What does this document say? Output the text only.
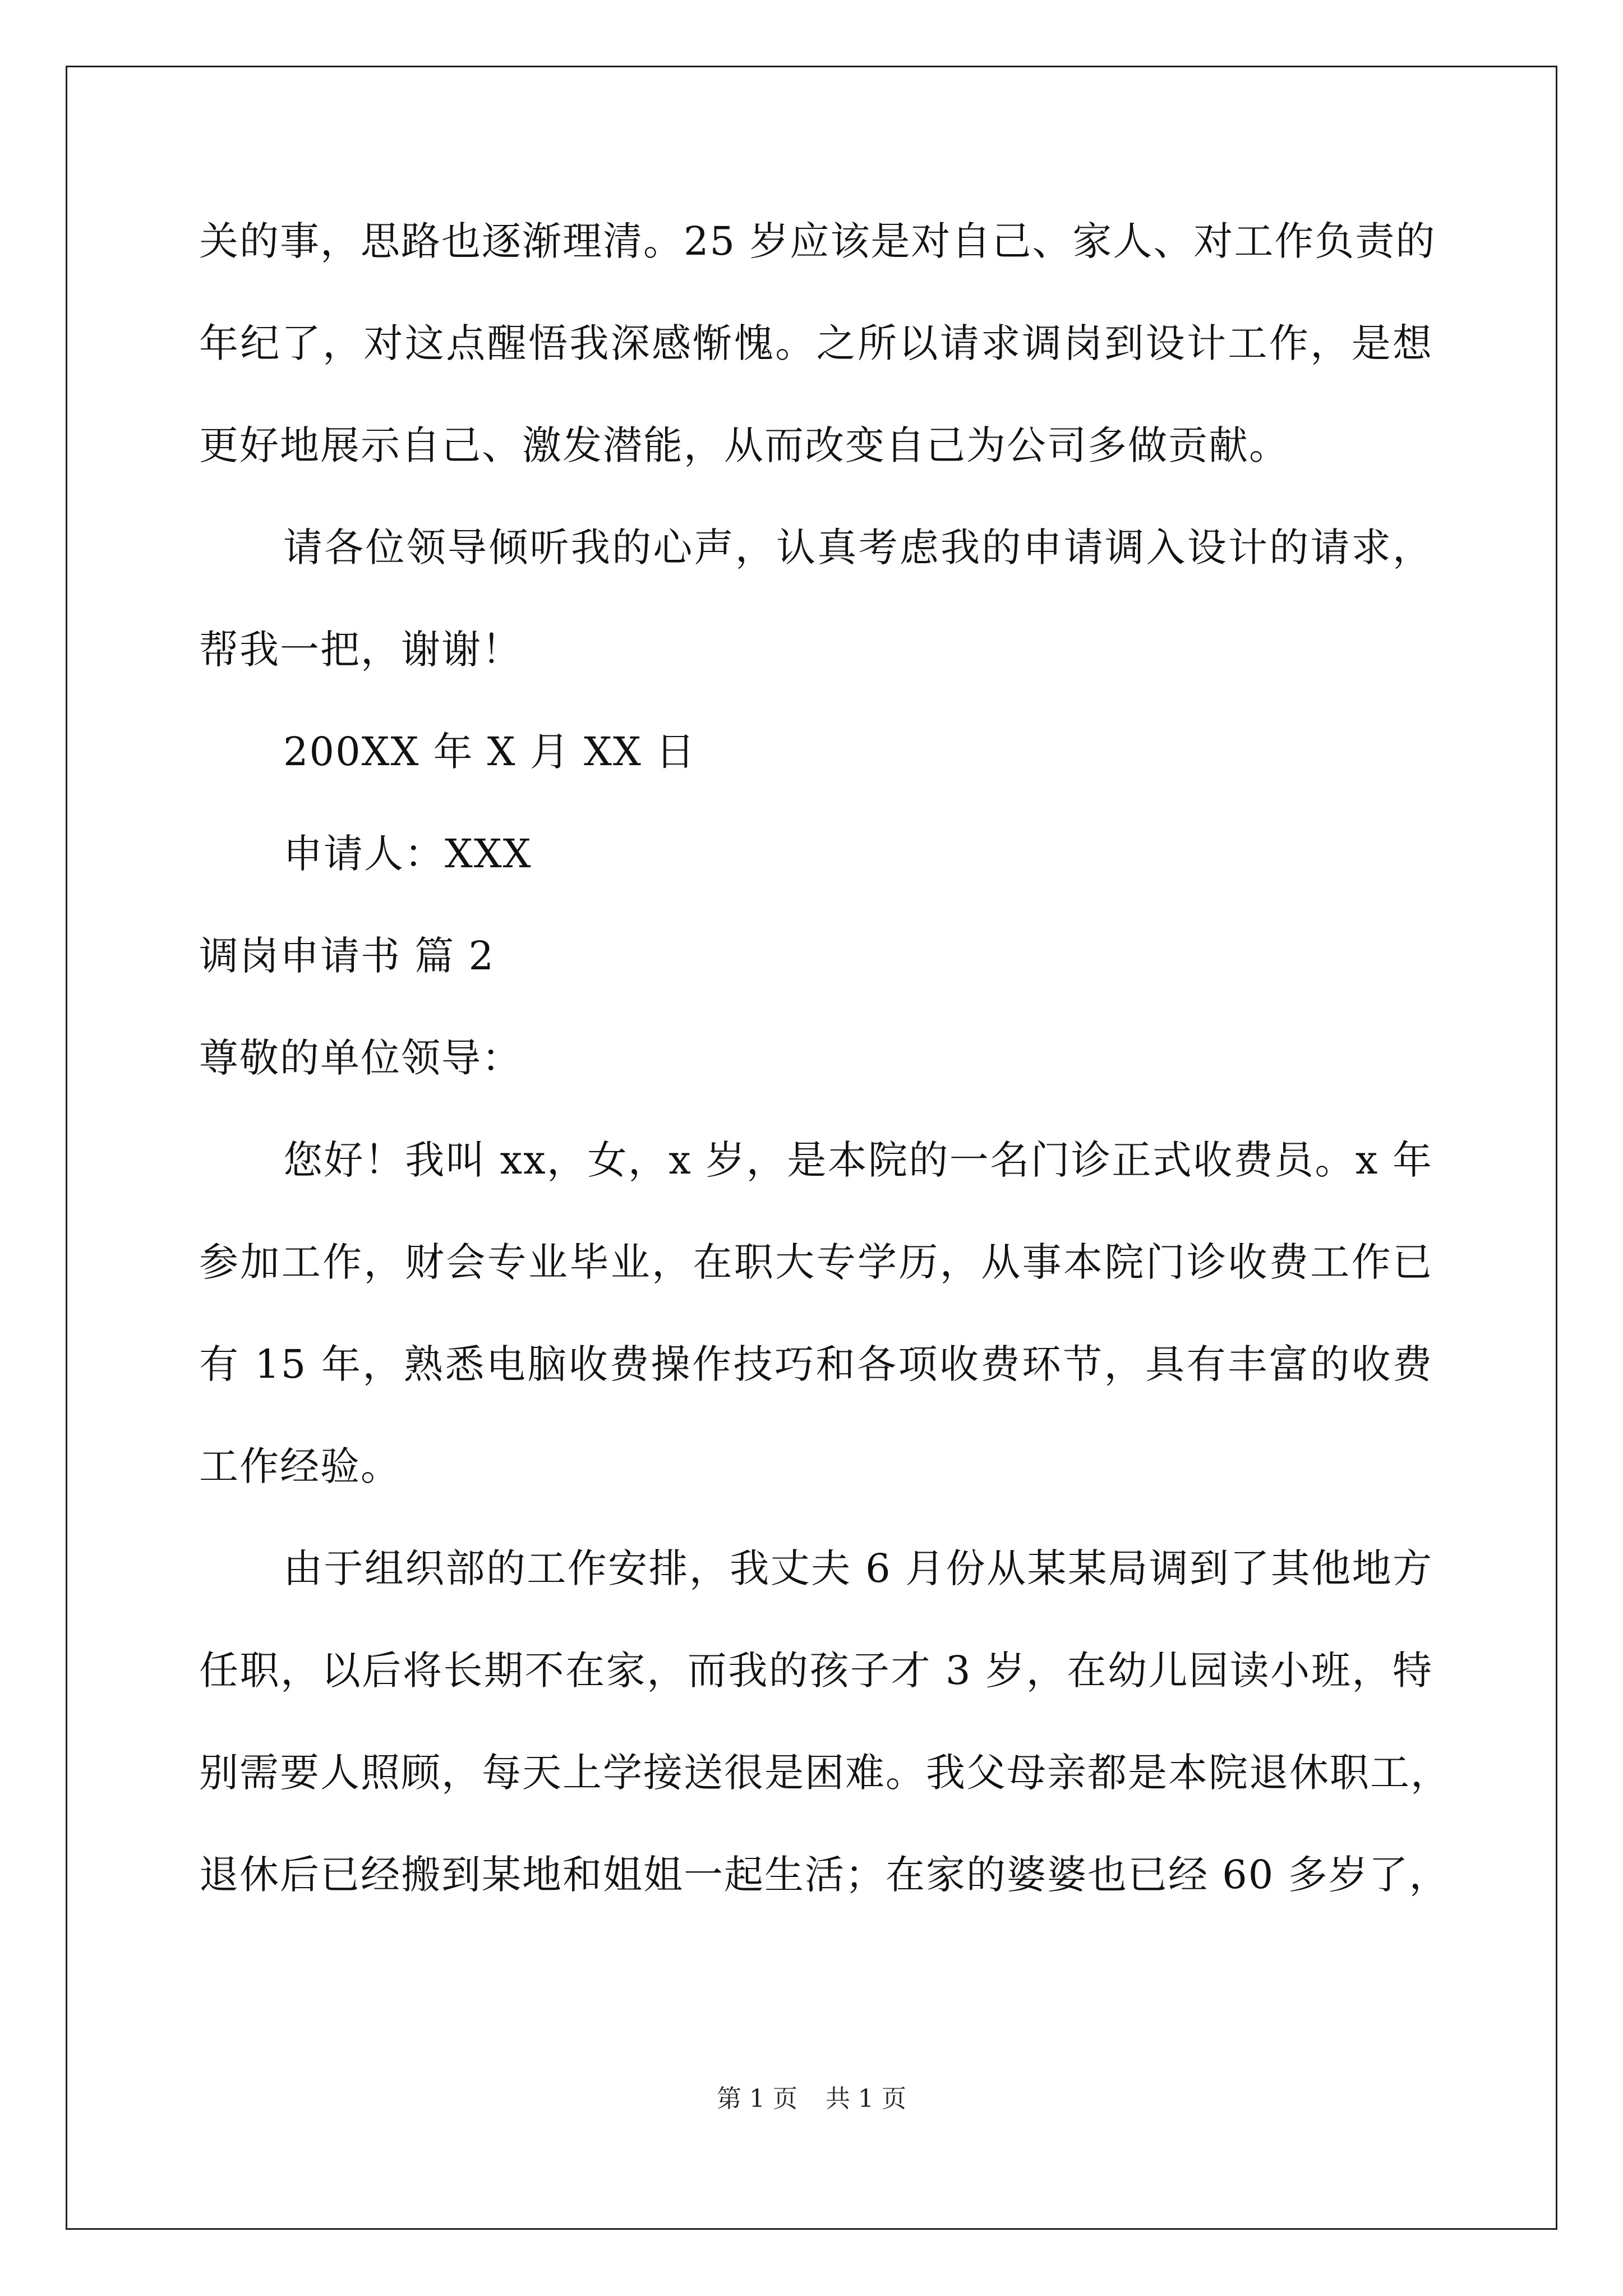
关的事，思路也逐渐理清。25 岁应该是对自己、家人、对工作负责的
年纪了，对这点醒悟我深感惭愧。之所以请求调岗到设计工作，是想
更好地展示自己、激发潜能，从而改变自己为公司多做贡献。
请各位领导倾听我的心声，认真考虑我的申请调入设计的请求，
帮我一把，谢谢！
200XX 年 X 月 XX 日
申请人：XXX
调岗申请书 篇 2
尊敬的单位领导：
您好！我叫 xx，女，x 岁，是本院的一名门诊正式收费员。x 年
参加工作，财会专业毕业，在职大专学历，从事本院门诊收费工作已
有 15 年，熟悉电脑收费操作技巧和各项收费环节，具有丰富的收费
工作经验。
由于组织部的工作安排，我丈夫 6 月份从某某局调到了其他地方
任职，以后将长期不在家，而我的孩子才 3 岁，在幼儿园读小班，特
别需要人照顾，每天上学接送很是困难。我父母亲都是本院退休职工，
退休后已经搬到某地和姐姐一起生活；在家的婆婆也已经 60 多岁了，
第 1 页 共 1 页
